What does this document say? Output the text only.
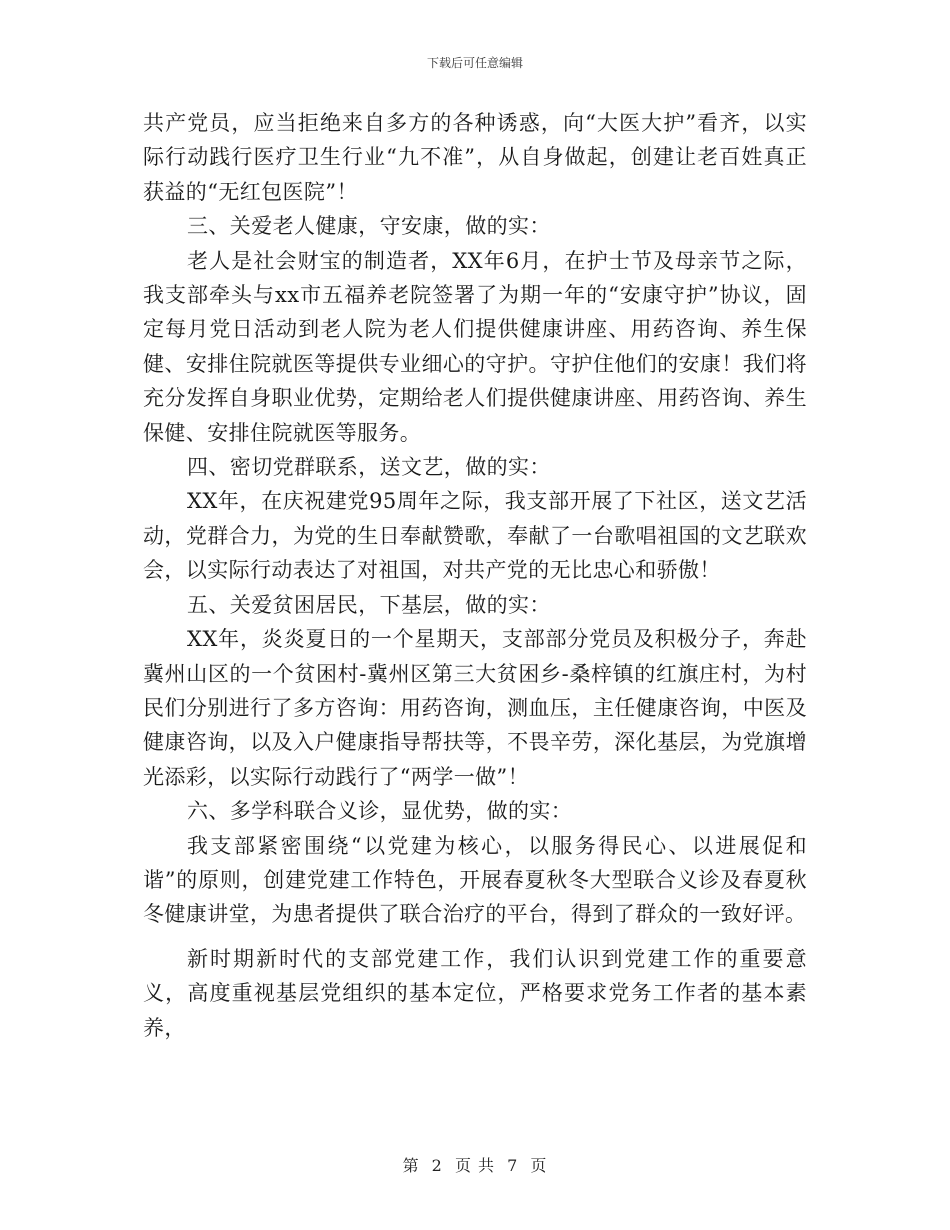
下载后可任意编辑

共产党员，应当拒绝来自多方的各种诱惑，向“大医大护”看齐，以实际行动践行医疗卫生行业“九不准”，从自身做起，创建让老百姓真正获益的“无红包医院”！

三、关爱老人健康，守安康，做的实：

老人是社会财宝的制造者，XX年6月，在护士节及母亲节之际，我支部牵头与xx市五福养老院签署了为期一年的“安康守护”协议，固定每月党日活动到老人院为老人们提供健康讲座、用药咨询、养生保健、安排住院就医等提供专业细心的守护。守护住他们的安康！我们将充分发挥自身职业优势，定期给老人们提供健康讲座、用药咨询、养生保健、安排住院就医等服务。

四、密切党群联系，送文艺，做的实：

XX年，在庆祝建党95周年之际，我支部开展了下社区，送文艺活动，党群合力，为党的生日奉献赞歌，奉献了一台歌唱祖国的文艺联欢会，以实际行动表达了对祖国，对共产党的无比忠心和骄傲！

五、关爱贫困居民，下基层，做的实：

XX年，炎炎夏日的一个星期天，支部部分党员及积极分子，奔赴冀州山区的一个贫困村-冀州区第三大贫困乡-桑梓镇的红旗庄村，为村民们分别进行了多方咨询：用药咨询，测血压，主任健康咨询，中医及健康咨询，以及入户健康指导帮扶等，不畏辛劳，深化基层，为党旗增光添彩，以实际行动践行了“两学一做”！

六、多学科联合义诊，显优势，做的实：

我支部紧密围绕“以党建为核心，以服务得民心、以进展促和谐”的原则，创建党建工作特色，开展春夏秋冬大型联合义诊及春夏秋冬健康讲堂，为患者提供了联合治疗的平台，得到了群众的一致好评。

新时期新时代的支部党建工作，我们认识到党建工作的重要意义，高度重视基层党组织的基本定位，严格要求党务工作者的基本素养，

第 2 页 共 7 页
